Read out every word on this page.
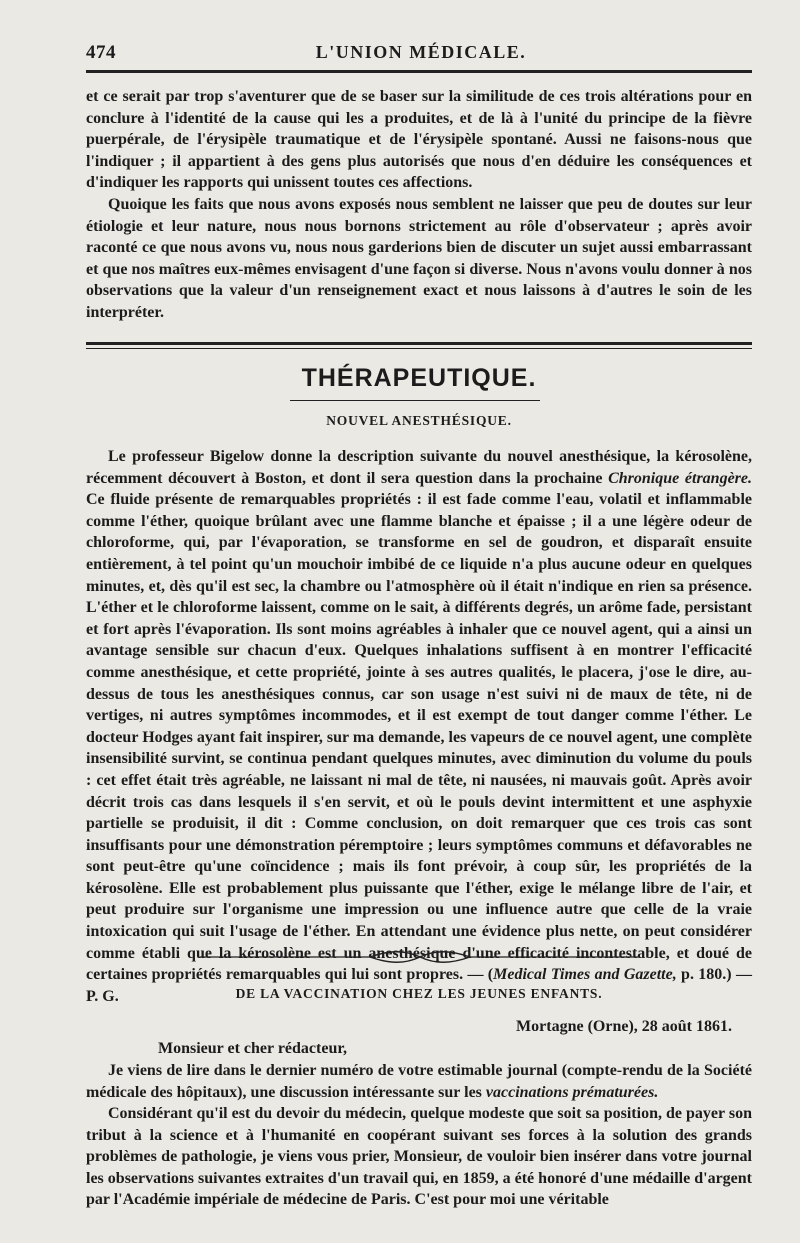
474	L'UNION MÉDICALE.

et ce serait par trop s'aventurer que de se baser sur la similitude de ces trois altérations pour en conclure à l'identité de la cause qui les a produites, et de là à l'unité du principe de la fièvre puerpérale, de l'érysipèle traumatique et de l'érysipèle spontané. Aussi ne faisons-nous que l'indiquer ; il appartient à des gens plus autorisés que nous d'en déduire les conséquences et d'indiquer les rapports qui unissent toutes ces affections.

Quoique les faits que nous avons exposés nous semblent ne laisser que peu de doutes sur leur étiologie et leur nature, nous nous bornons strictement au rôle d'observateur ; après avoir raconté ce que nous avons vu, nous nous garderions bien de discuter un sujet aussi embarrassant et que nos maîtres eux-mêmes envisagent d'une façon si diverse. Nous n'avons voulu donner à nos observations que la valeur d'un renseignement exact et nous laissons à d'autres le soin de les interpréter.

THÉRAPEUTIQUE.
NOUVEL ANESTHÉSIQUE.
Le professeur Bigelow donne la description suivante du nouvel anesthésique, la kérosolène, récemment découvert à Boston, et dont il sera question dans la prochaine Chronique étrangère. Ce fluide présente de remarquables propriétés : il est fade comme l'eau, volatil et inflammable comme l'éther, quoique brûlant avec une flamme blanche et épaisse ; il a une légère odeur de chloroforme, qui, par l'évaporation, se transforme en sel de goudron, et disparaît ensuite entièrement, à tel point qu'un mouchoir imbibé de ce liquide n'a plus aucune odeur en quelques minutes, et, dès qu'il est sec, la chambre ou l'atmosphère où il était n'indique en rien sa présence. L'éther et le chloroforme laissent, comme on le sait, à différents degrés, un arôme fade, persistant et fort après l'évaporation. Ils sont moins agréables à inhaler que ce nouvel agent, qui a ainsi un avantage sensible sur chacun d'eux. Quelques inhalations suffisent à en montrer l'efficacité comme anesthésique, et cette propriété, jointe à ses autres qualités, le placera, j'ose le dire, au-dessus de tous les anesthésiques connus, car son usage n'est suivi ni de maux de tête, ni de vertiges, ni autres symptômes incommodes, et il est exempt de tout danger comme l'éther. Le docteur Hodges ayant fait inspirer, sur ma demande, les vapeurs de ce nouvel agent, une complète insensibilité survint, se continua pendant quelques minutes, avec diminution du volume du pouls : cet effet était très agréable, ne laissant ni mal de tête, ni nausées, ni mauvais goût. Après avoir décrit trois cas dans lesquels il s'en servit, et où le pouls devint intermittent et une asphyxie partielle se produisit, il dit : Comme conclusion, on doit remarquer que ces trois cas sont insuffisants pour une démonstration péremptoire ; leurs symptômes communs et défavorables ne sont peut-être qu'une coïncidence ; mais ils font prévoir, à coup sûr, les propriétés de la kérosolène. Elle est probablement plus puissante que l'éther, exige le mélange libre de l'air, et peut produire sur l'organisme une impression ou une influence autre que celle de la vraie intoxication qui suit l'usage de l'éther. En attendant une évidence plus nette, on peut considérer comme établi que la kérosolène est un anesthésique d'une efficacité incontestable, et doué de certaines propriétés remarquables qui lui sont propres. — (Medical Times and Gazette, p. 180.) — P. G.	DE LA VACCINATION CHEZ LES JEUNES ENFANTS.
Mortagne (Orne), 28 août 1861.
Monsieur et cher rédacteur,
Je viens de lire dans le dernier numéro de votre estimable journal (compte-rendu de la Société médicale des hôpitaux), une discussion intéressante sur les vaccinations prématurées.
Considérant qu'il est du devoir du médecin, quelque modeste que soit sa position, de payer son tribut à la science et à l'humanité en coopérant suivant ses forces à la solution des grands problèmes de pathologie, je viens vous prier, Monsieur, de vouloir bien insérer dans votre journal les observations suivantes extraites d'un travail qui, en 1859, a été honoré d'une médaille d'argent par l'Académie impériale de médecine de Paris. C'est pour moi une véritable
